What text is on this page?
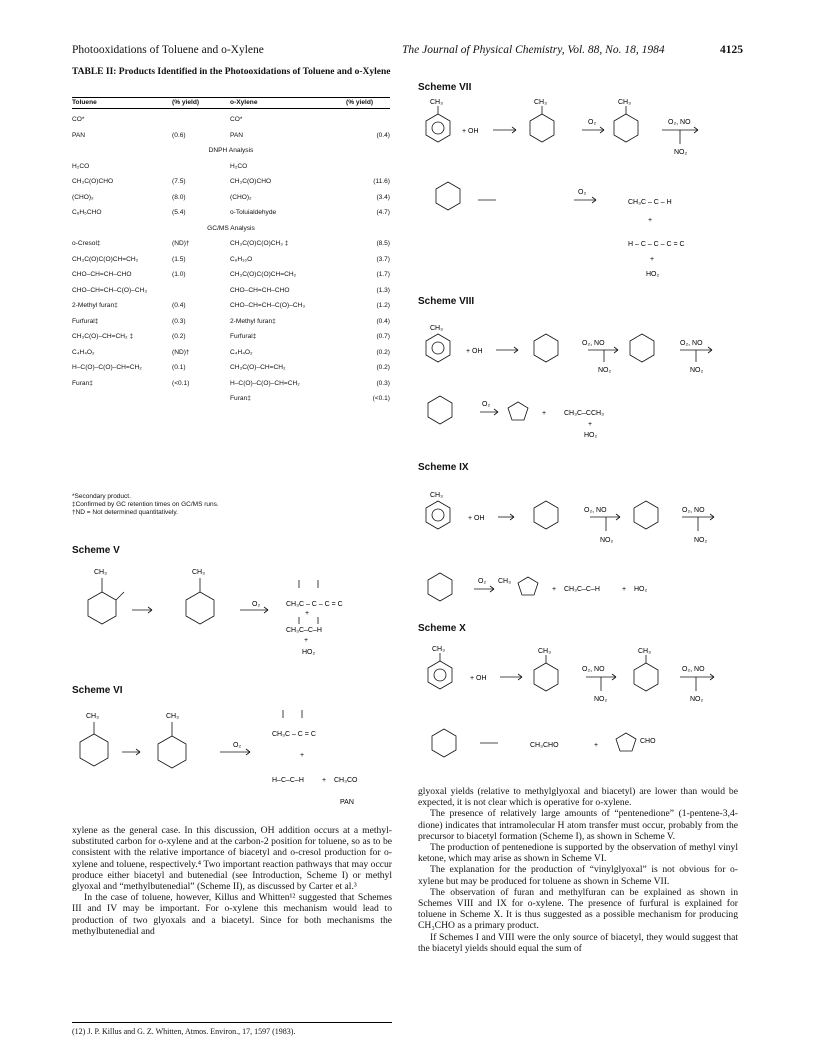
Photooxidations of Toluene and o-Xylene	The Journal of Physical Chemistry, Vol. 88, No. 18, 1984	4125
TABLE II: Products Identified in the Photooxidations of Toluene and o-Xylene
Toluene	(% yield)	o-Xylene	(% yield)
CO*		CO*	
PAN	(0.6)	PAN	(0.4)
DNPH Analysis			
H₂CO		H₂CO	
CH₃C(O)CHO	(7.5)	CH₃C(O)CHO	(11.6)
(CHO)₂	(8.0)	(CHO)₂	(3.4)
C₆H₅CHO	(5.4)	o-Toluialdehyde	(4.7)
GC/MS Analysis			
o-Cresol‡	(ND)†	CH₃C(O)C(O)CH₃ ‡	(8.5)
CH₃C(O)C(O)CH=CH₂	(1.5)	C₆H₁₀O	(3.7)
CHO–CH=CH–CHO	(1.0)	CH₃C(O)C(O)CH=CH₂	(1.7)
CHO–CH=CH–C(O)–CH₃		CHO–CH=CH–CHO	(1.3)
2-Methyl furan‡	(0.4)	CHO–CH=CH–C(O)–CH₃	(1.2)
Furfural‡	(0.3)	2-Methyl furan‡	(0.4)
CH₃C(O)–CH=CH₂ ‡	(0.2)	Furfural‡	(0.7)
C₄H₄O₂	(ND)†	C₄H₄O₂	(0.2)
H–C(O)–C(O)–CH=CH₂	(0.1)	CH₃C(O)–CH=CH₂	(0.2)
Furan‡	(<0.1)	H–C(O)–C(O)–CH=CH₂	(0.3)
		Furan‡	(<0.1)
*Secondary product.
‡Confirmed by GC retention times on GC/MS runs.
†ND = Not determined quantitatively.
Scheme V
CH₃	CH₃
O₂	CH₃C – C – C = C
+
CH₃C–C–H
+
HO₂
Scheme VI
CH₃	CH₃
O₂
CH₃C – C = C
+
H–C–C–H	+ CH₃CO
PAN

xylene as the general case. In this discussion, OH addition occurs at a methyl-substituted carbon for o-xylene and at the carbon-2 position for toluene, so as to be consistent with the relative importance of biacetyl and o-cresol production for o-xylene and toluene, respectively.⁴ Two important reaction pathways that may occur produce either biacetyl and butenedial (see Introduction, Scheme I) or methyl glyoxal and “methylbutenedial” (Scheme II), as discussed by Carter et al.³

In the case of toluene, however, Killus and Whitten¹² suggested that Schemes III and IV may be important. For o-xylene this mechanism would lead to production of two glyoxals and a biacetyl. Since for both mechanisms the methylbutenedial and

(12) J. P. Killus and G. Z. Whitten, Atmos. Environ., 17, 1597 (1983).
Scheme VII
CH₃
+ OH
CH₃
O₂
CH₃
O₂, NO
NO₂
O₂
CH₃C – C – H
+
H – C – C – C = C
+
HO₂
Scheme VIII
CH₃
+ OH
O₂, NO
NO₂
O₂, NO
NO₂
O₂
+	CH₃C–CCH₃
+
HO₂
Scheme IX
CH₃
+ OH
O₂, NO
NO₂
O₂, NO
NO₂
O₂ CH₃
+ CH₃C–C–H	+ HO₂
Scheme X
CH₃
+ OH
CH₃
O₂, NO
NO₂
CH₃
O₂, NO
NO₂
CH₃CHO	+
CHO

glyoxal yields (relative to methylglyoxal and biacetyl) are lower than would be expected, it is not clear which is operative for o-xylene.

The presence of relatively large amounts of “pentenedione” (1-pentene-3,4-dione) indicates that intramolecular H atom transfer must occur, probably from the precursor to biacetyl formation (Scheme I), as shown in Scheme V.

The production of pentenedione is supported by the observation of methyl vinyl ketone, which may arise as shown in Scheme VI.

The explanation for the production of “vinylglyoxal” is not obvious for o-xylene but may be produced for toluene as shown in Scheme VII.

The observation of furan and methylfuran can be explained as shown in Schemes VIII and IX for o-xylene. The presence of furfural is explained for toluene in Scheme X. It is thus suggested as a possible mechanism for producing CH₃CHO as a primary product.

If Schemes I and VIII were the only source of biacetyl, they would suggest that the biacetyl yields should equal the sum of
